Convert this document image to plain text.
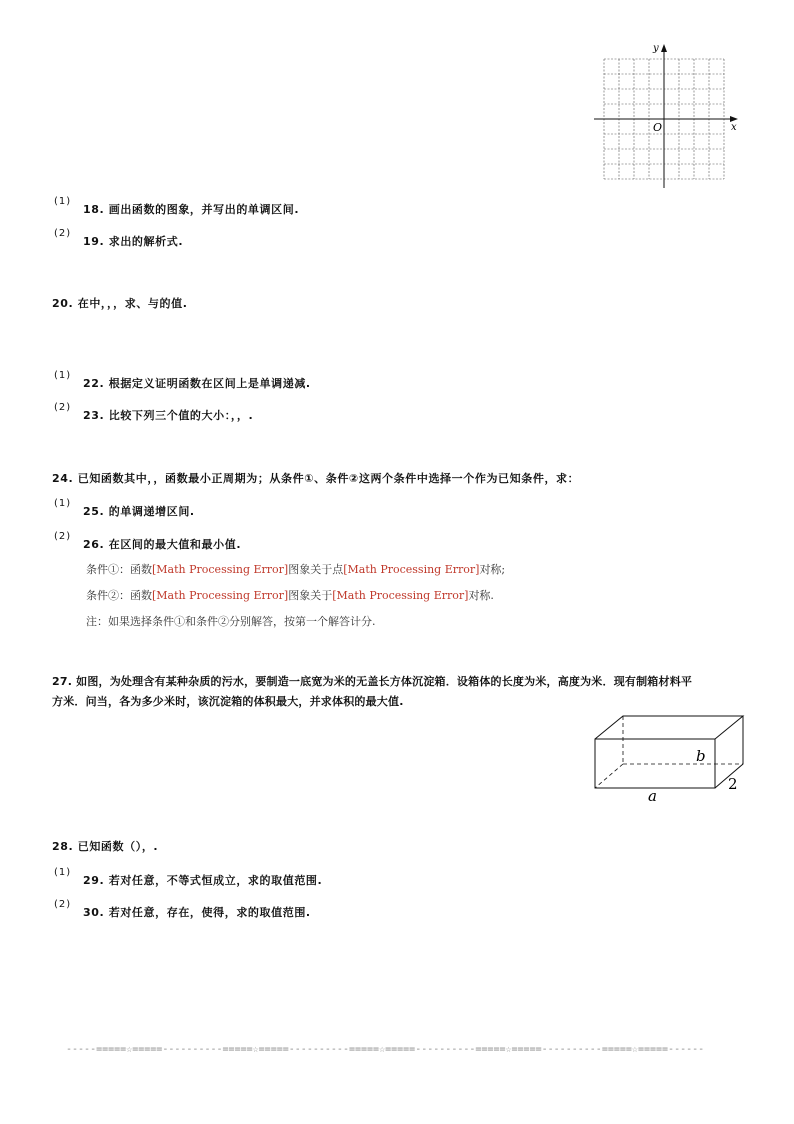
y
x
O
(1)
18. 画出函数的图象，并写出的单调区间.
(2)
19. 求出的解析式.
20. 在中，，，求、与的值.
(1)
22. 根据定义证明函数在区间上是单调递减.
(2)
23. 比较下列三个值的大小：，，.
24. 已知函数其中，，函数最小正周期为；从条件①、条件②这两个条件中选择一个作为已知条件，求：
(1)
25. 的单调递增区间.
(2)
26. 在区间的最大值和最小值.
条件①：函数[Math Processing Error]图象关于点[Math Processing Error]对称;
条件②：函数[Math Processing Error]图象关于[Math Processing Error]对称.
注：如果选择条件①和条件②分别解答，按第一个解答计分.
27. 如图，为处理含有某种杂质的污水，要制造一底宽为米的无盖长方体沉淀箱．设箱体的长度为米，高度为米．现有制箱材料平
方米．问当，各为多少米时，该沉淀箱的体积最大，并求体积的最大值.
b
2
a
28. 已知函数（），.
(1)
29. 若对任意，不等式恒成立，求的取值范围.
(2)
30. 若对任意，存在，使得，求的取值范围.
-----=====☆=====----------=====☆=====----------=====☆=====----------=====☆=====----------=====☆=====------
